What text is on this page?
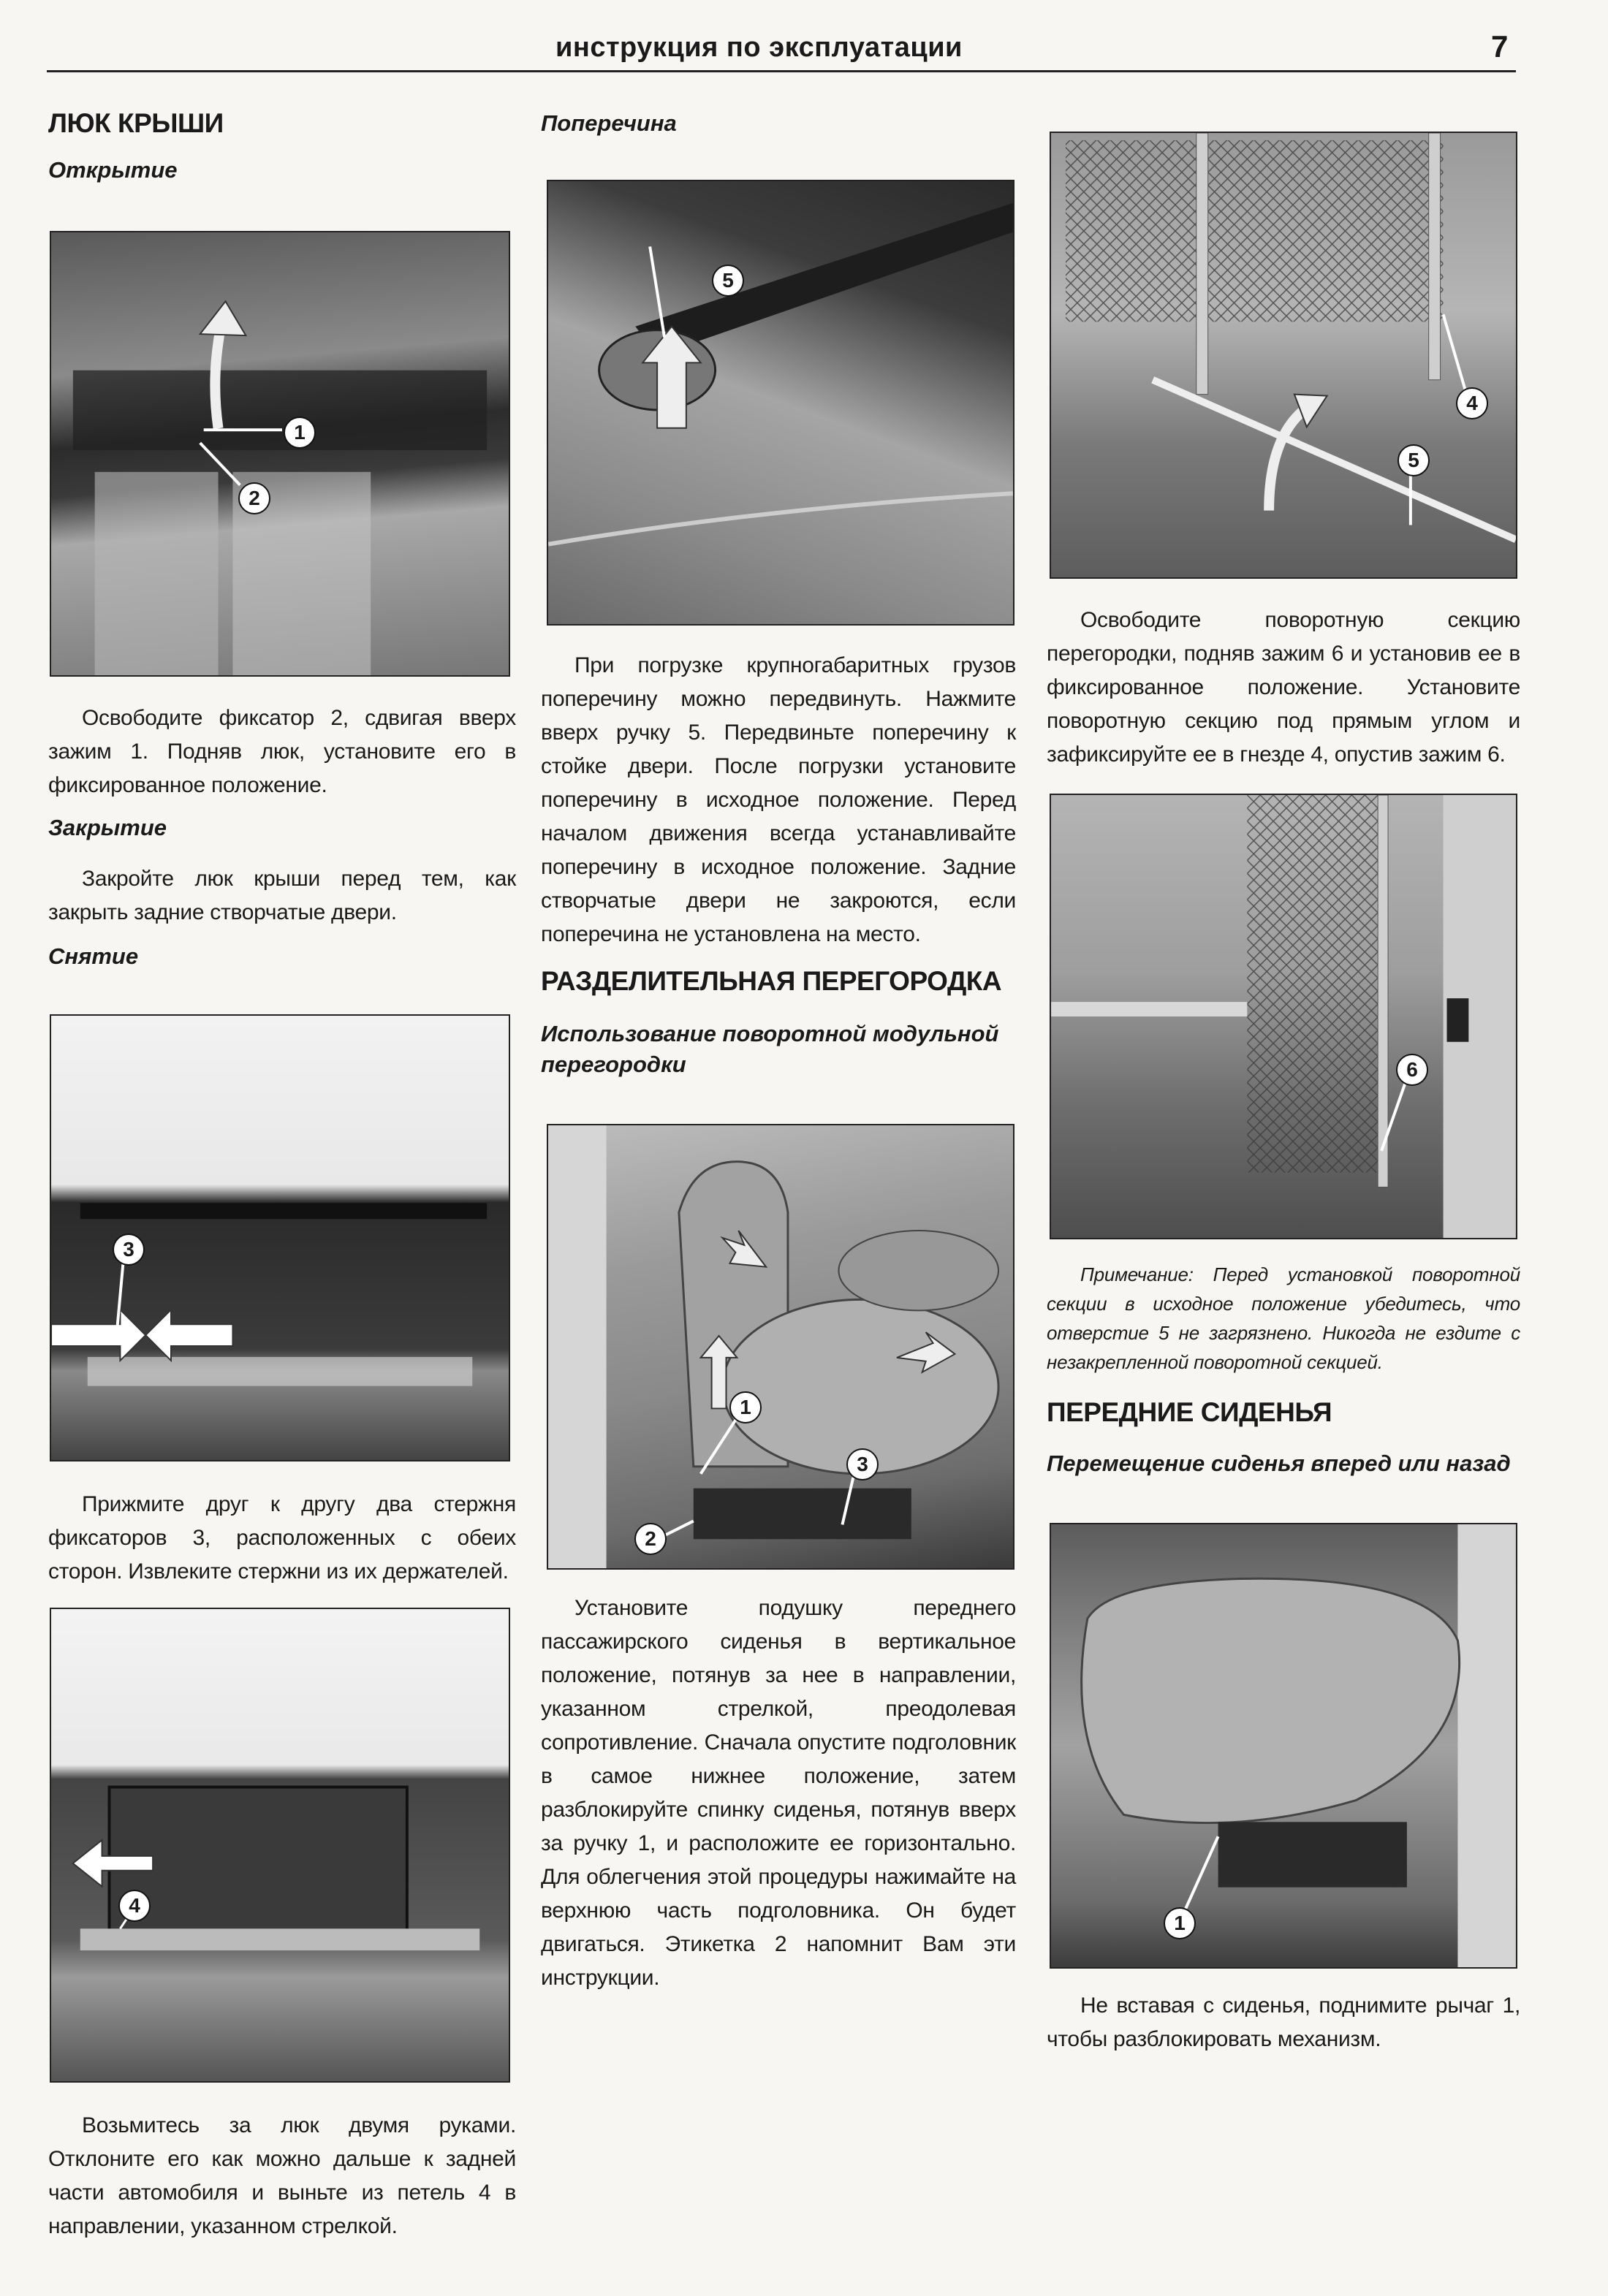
инструкция по эксплуатации	7
ЛЮК КРЫШИ
Открытие
1
2

Освободите фиксатор 2, сдвигая вверх зажим 1. Подняв люк, установите его в фиксированное положение.

Закрытие

Закройте люк крыши перед тем, как закрыть задние створчатые двери.

Снятие
3

Прижмите друг к другу два стержня фиксаторов 3, расположенных с обеих сторон. Извлеките стержни из их держателей.

4

Возьмитесь за люк двумя руками. Отклоните его как можно дальше к задней части автомобиля и выньте из петель 4 в направлении, указанном стрелкой.

Поперечина
5

При погрузке крупногабаритных грузов поперечину можно передвинуть. Нажмите вверх ручку 5. Передвиньте поперечину к стойке двери. После погрузки установите поперечину в исходное положение. Перед началом движения всегда устанавливайте поперечину в исходное положение. Задние створчатые двери не закроются, если поперечина не установлена на место.

РАЗДЕЛИТЕЛЬНАЯ ПЕРЕГОРОДКА
Использование поворотной модульной перегородки
1
2
3

Установите подушку переднего пассажирского сиденья в вертикальное положение, потянув за нее в направлении, указанном стрелкой, преодолевая сопротивление. Сначала опустите подголовник в самое нижнее положение, затем разблокируйте спинку сиденья, потянув вверх за ручку 1, и расположите ее горизонтально. Для облегчения этой процедуры нажимайте на верхнюю часть подголовника. Он будет двигаться. Этикетка 2 напомнит Вам эти инструкции.

4
5

Освободите поворотную секцию перегородки, подняв зажим 6 и установив ее в фиксированное положение. Установите поворотную секцию под прямым углом и зафиксируйте ее в гнезде 4, опустив зажим 6.

6

Примечание: Перед установкой поворотной секции в исходное положение убедитесь, что отверстие 5 не загрязнено. Никогда не ездите с незакрепленной поворотной секцией.

ПЕРЕДНИЕ СИДЕНЬЯ
Перемещение сиденья вперед или назад
1

Не вставая с сиденья, поднимите рычаг 1, чтобы разблокировать механизм.
